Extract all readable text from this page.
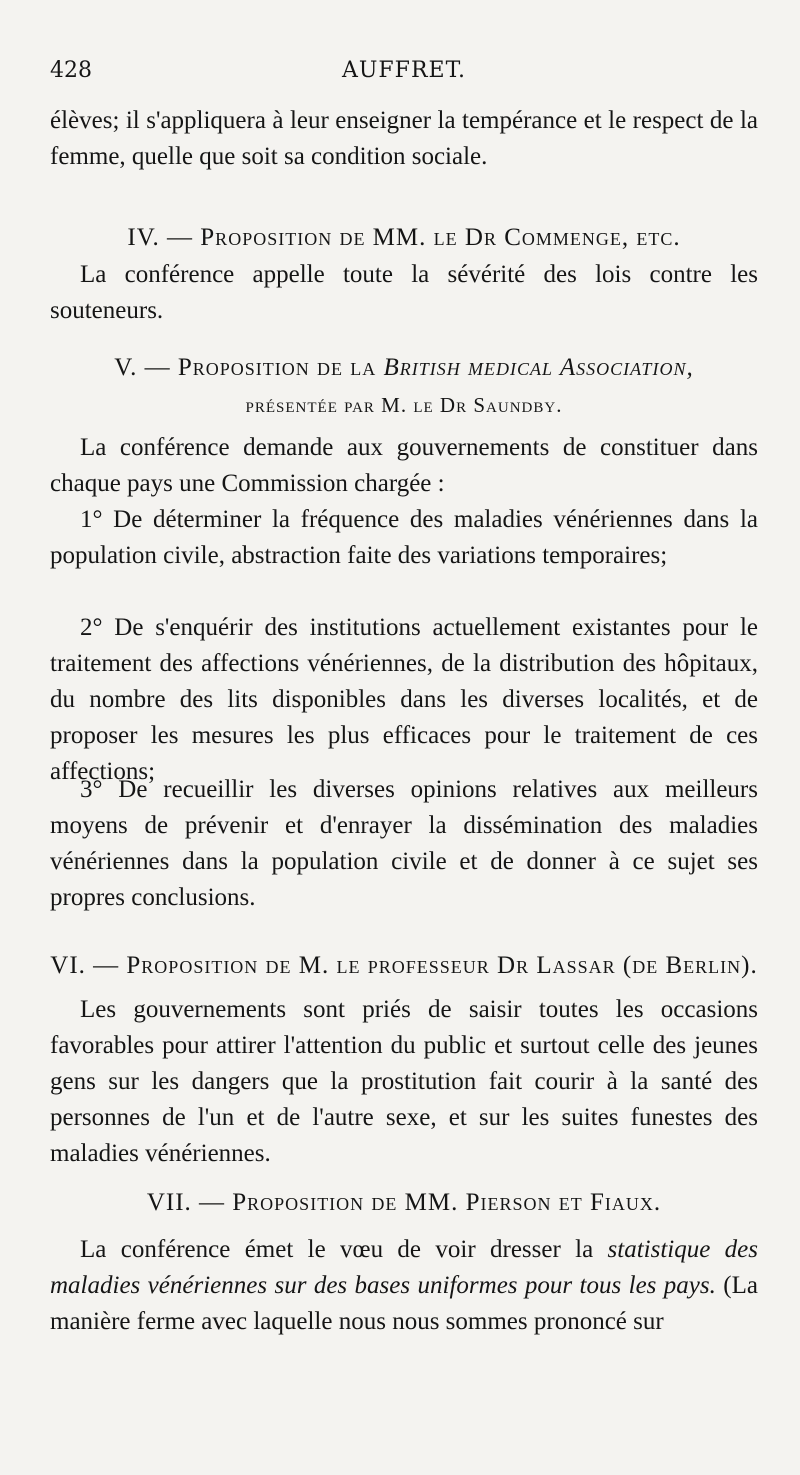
428	AUFFRET.

élèves; il s'appliquera à leur enseigner la tempérance et le respect de la femme, quelle que soit sa condition sociale.

IV. — Proposition de MM. le Dr Commenge, etc.

La conférence appelle toute la sévérité des lois contre les souteneurs.

V. — Proposition de la British medical Association,

présentée par M. le Dr Saundby.

La conférence demande aux gouvernements de constituer dans chaque pays une Commission chargée :

1° De déterminer la fréquence des maladies vénériennes dans la population civile, abstraction faite des variations temporaires;

2° De s'enquérir des institutions actuellement existantes pour le traitement des affections vénériennes, de la distribution des hôpitaux, du nombre des lits disponibles dans les diverses localités, et de proposer les mesures les plus efficaces pour le traitement de ces affections;

3° De recueillir les diverses opinions relatives aux meilleurs moyens de prévenir et d'enrayer la dissémination des maladies vénériennes dans la population civile et de donner à ce sujet ses propres conclusions.

VI. — Proposition de M. le professeur Dr Lassar (de Berlin).

Les gouvernements sont priés de saisir toutes les occasions favorables pour attirer l'attention du public et surtout celle des jeunes gens sur les dangers que la prostitution fait courir à la santé des personnes de l'un et de l'autre sexe, et sur les suites funestes des maladies vénériennes.

VII. — Proposition de MM. Pierson et Fiaux.

La conférence émet le vœu de voir dresser la statistique des maladies vénériennes sur des bases uniformes pour tous les pays. (La manière ferme avec laquelle nous nous sommes prononcé sur
